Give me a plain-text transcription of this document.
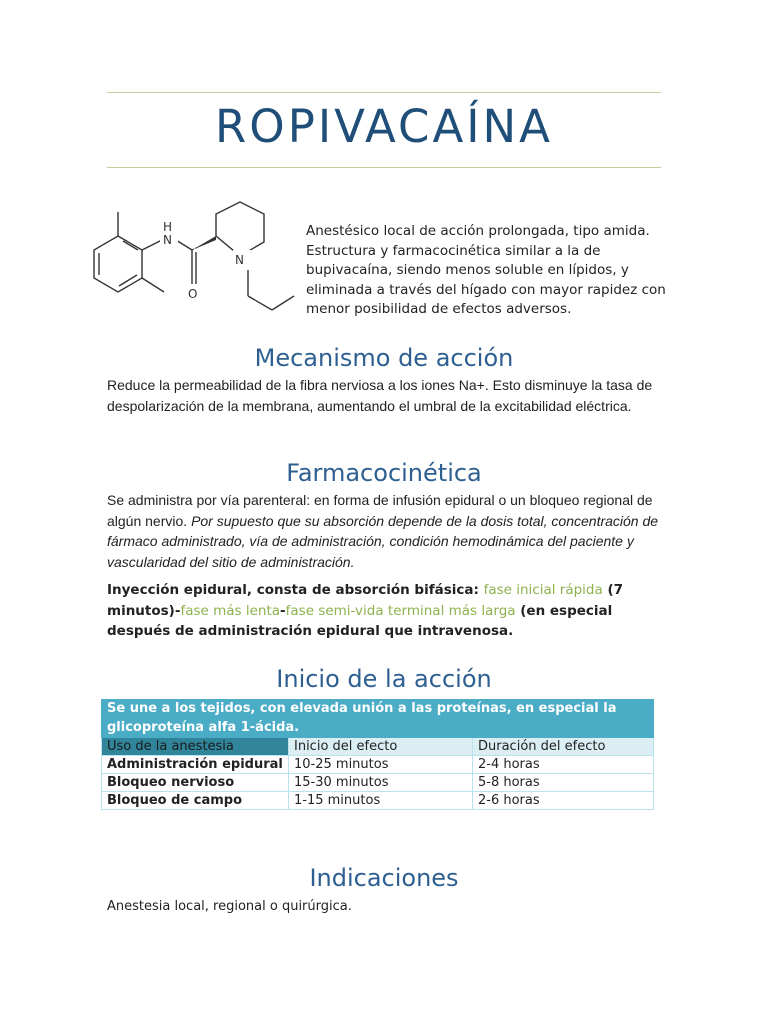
ROPIVACAÍNA
N
H
O
N

Anestésico local de acción prolongada, tipo amida. Estructura y farmacocinética similar a la de bupivacaína, siendo menos soluble en lípidos, y eliminada a través del hígado con mayor rapidez con menor posibilidad de efectos adversos.

Mecanismo de acción

Reduce la permeabilidad de la fibra nerviosa a los iones Na+. Esto disminuye la tasa de despolarización de la membrana, aumentando el umbral de la excitabilidad eléctrica.

Farmacocinética

Se administra por vía parenteral: en forma de infusión epidural o un bloqueo regional de algún nervio. Por supuesto que su absorción depende de la dosis total, concentración de fármaco administrado, vía de administración, condición hemodinámica del paciente y vascularidad del sitio de administración.

Inyección epidural, consta de absorción bifásica: fase inicial rápida (7 minutos)-fase más lenta-fase semi-vida terminal más larga (en especial después de administración epidural que intravenosa.

Inicio de la acción
Se une a los tejidos, con elevada unión a las proteínas, en especial la glicoproteína alfa 1-ácida.		
Uso de la anestesia	Inicio del efecto	Duración del efecto
Administración epidural	10-25 minutos	2-4 horas
Bloqueo nervioso	15-30 minutos	5-8 horas
Bloqueo de campo	1-15 minutos	2-6 horas
Indicaciones

Anestesia local, regional o quirúrgica.
